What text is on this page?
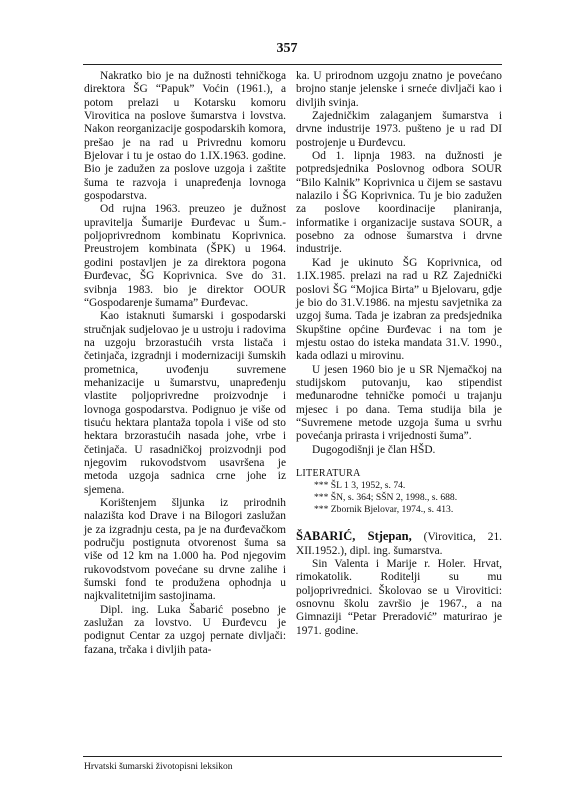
357

Nakratko bio je na dužnosti tehničkoga direktora ŠG “Papuk” Voćin (1961.), a potom prelazi u Kotarsku komoru Virovitica na poslove šumarstva i lovstva. Nakon reorganizacije gospodarskih komora, prešao je na rad u Privrednu komoru Bjelovar i tu je ostao do 1.IX.1963. godine. Bio je zadužen za poslove uzgoja i zaštite šuma te razvoja i unapređenja lovnoga gospodarstva.

Od rujna 1963. preuzeo je dužnost upravitelja Šumarije Đurđevac u Šum.- poljoprivrednom kombinatu Koprivnica. Preustrojem kombinata (ŠPK) u 1964. godini postavljen je za direktora pogona Đurđevac, ŠG Koprivnica. Sve do 31. svibnja 1983. bio je direktor OOUR “Gospodarenje šumama” Đurđevac.

Kao istaknuti šumarski i gospodarski stručnjak sudjelovao je u ustroju i radovima na uzgoju brzorastućih vrsta listača i četinjača, izgradnji i modernizaciji šumskih prometnica, uvođenju suvremene mehanizacije u šumarstvu, unapređenju vlastite poljoprivredne proizvodnje i lovnoga gospodarstva. Podignuo je više od tisuću hektara plantaža topola i više od sto hektara brzorastućih nasada johe, vrbe i četinjača. U rasadničkoj proizvodnji pod njegovim rukovodstvom usavršena je metoda uzgoja sadnica crne johe iz sjemena.

Korištenjem šljunka iz prirodnih nalazišta kod Drave i na Bilogori zaslužan je za izgradnju cesta, pa je na đurđevačkom području postignuta otvorenost šuma sa više od 12 km na 1.000 ha. Pod njegovim rukovodstvom povećane su drvne zalihe i šumski fond te produžena ophodnja u najkvalitetnijim sastojinama.

Dipl. ing. Luka Šabarić posebno je zaslužan za lovstvo. U Đurđevcu je podignut Centar za uzgoj pernate divljači: fazana, trčaka i divljih pata-

ka. U prirodnom uzgoju znatno je povećano brojno stanje jelenske i srneće divljači kao i divljih svinja.

Zajedničkim zalaganjem šumarstva i drvne industrije 1973. pušteno je u rad DI postrojenje u Đurđevcu.

Od 1. lipnja 1983. na dužnosti je potpredsjednika Poslovnog odbora SOUR “Bilo Kalnik” Koprivnica u čijem se sastavu nalazilo i ŠG Koprivnica. Tu je bio zadužen za poslove koordinacije planiranja, informatike i organizacije sustava SOUR, a posebno za odnose šumarstva i drvne industrije.

Kad je ukinuto ŠG Koprivnica, od 1.IX.1985. prelazi na rad u RZ Zajednički poslovi ŠG “Mojica Birta” u Bjelovaru, gdje je bio do 31.V.1986. na mjestu savjetnika za uzgoj šuma. Tada je izabran za predsjednika Skupštine općine Đurđevac i na tom je mjestu ostao do isteka mandata 31.V. 1990., kada odlazi u mirovinu.

U jesen 1960 bio je u SR Njemačkoj na studijskom putovanju, kao stipendist međunarodne tehničke pomoći u trajanju mjesec i po dana. Tema studija bila je “Suvremene metode uzgoja šuma u svrhu povećanja prirasta i vrijednosti šuma”.

Dugogodišnji je član HŠD.

LITERATURA

*** ŠL 1 3, 1952, s. 74.

*** ŠN, s. 364; SŠN 2, 1998., s. 688.

*** Zbornik Bjelovar, 1974., s. 413.

ŠABARIĆ, Stjepan, (Virovitica, 21. XII.1952.), dipl. ing. šumarstva.

Sin Valenta i Marije r. Holer. Hrvat, rimokatolik. Roditelji su mu poljoprivrednici. Školovao se u Virovitici: osnovnu školu završio je 1967., a na Gimnaziji “Petar Preradović” maturirao je 1971. godine.

Hrvatski šumarski životopisni leksikon
